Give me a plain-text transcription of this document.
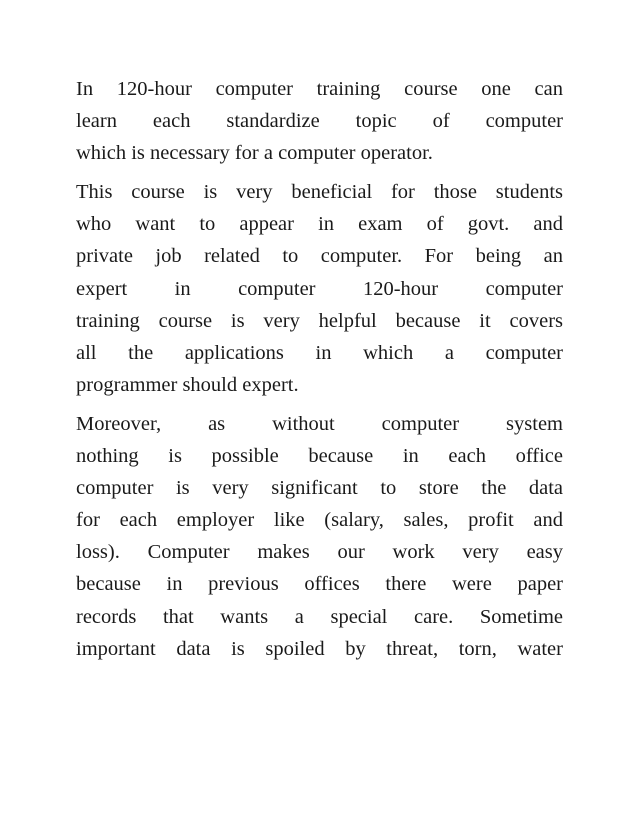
In 120-hour computer training course one can
learn each standardize topic of computer
which is necessary for a computer operator.

This course is very beneficial for those students
who want to appear in exam of govt. and
private job related to computer. For being an
expert in computer 120-hour computer
training course is very helpful because it covers
all the applications in which a computer
programmer should expert.

Moreover, as without computer system
nothing is possible because in each office
computer is very significant to store the data
for each employer like (salary, sales, profit and
loss). Computer makes our work very easy
because in previous offices there were paper
records that wants a special care. Sometime
important data is spoiled by threat, torn, water
